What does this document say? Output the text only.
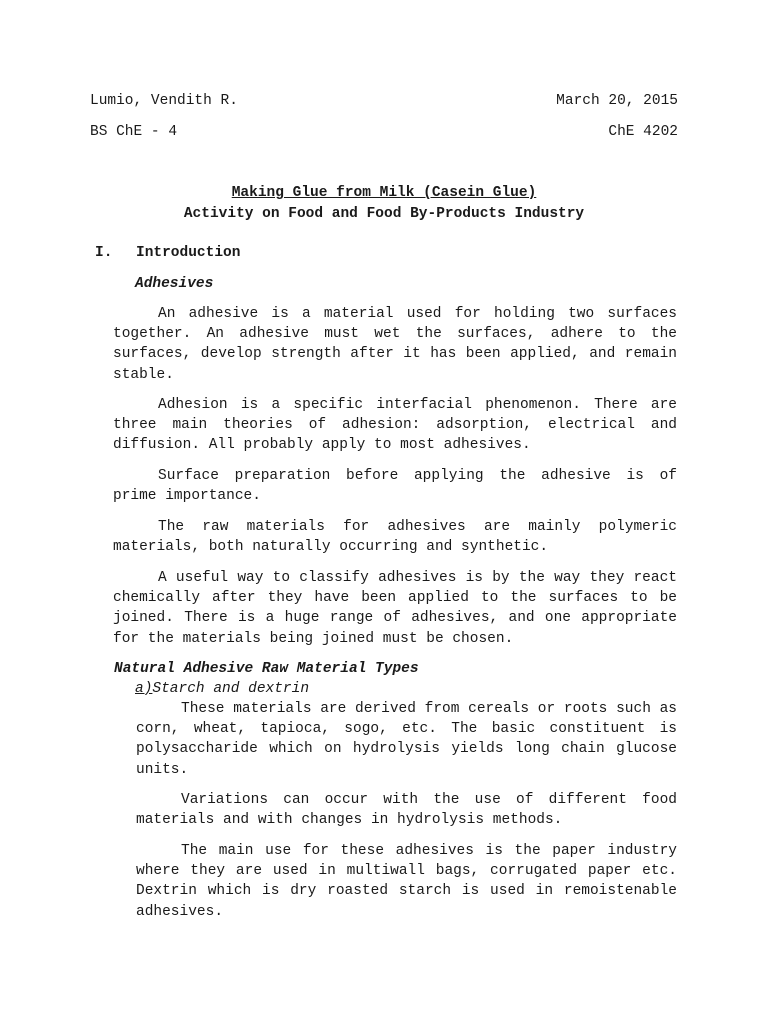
Lumio, Vendith R.	March 20, 2015
BS ChE - 4	ChE 4202
Making Glue from Milk (Casein Glue)
Activity on Food and Food By-Products Industry
I. Introduction
Adhesives

An adhesive is a material used for holding two surfaces together. An adhesive must wet the surfaces, adhere to the surfaces, develop strength after it has been applied, and remain stable.

Adhesion is a specific interfacial phenomenon. There are three main theories of adhesion: adsorption, electrical and diffusion. All probably apply to most adhesives.

Surface preparation before applying the adhesive is of prime importance.

The raw materials for adhesives are mainly polymeric materials, both naturally occurring and synthetic.

A useful way to classify adhesives is by the way they react chemically after they have been applied to the surfaces to be joined. There is a huge range of adhesives, and one appropriate for the materials being joined must be chosen.

Natural Adhesive Raw Material Types
a)Starch and dextrin

These materials are derived from cereals or roots such as corn, wheat, tapioca, sogo, etc. The basic constituent is polysaccharide which on hydrolysis yields long chain glucose units.

Variations can occur with the use of different food materials and with changes in hydrolysis methods.

The main use for these adhesives is the paper industry where they are used in multiwall bags, corrugated paper etc. Dextrin which is dry roasted starch is used in remoistenable adhesives.
